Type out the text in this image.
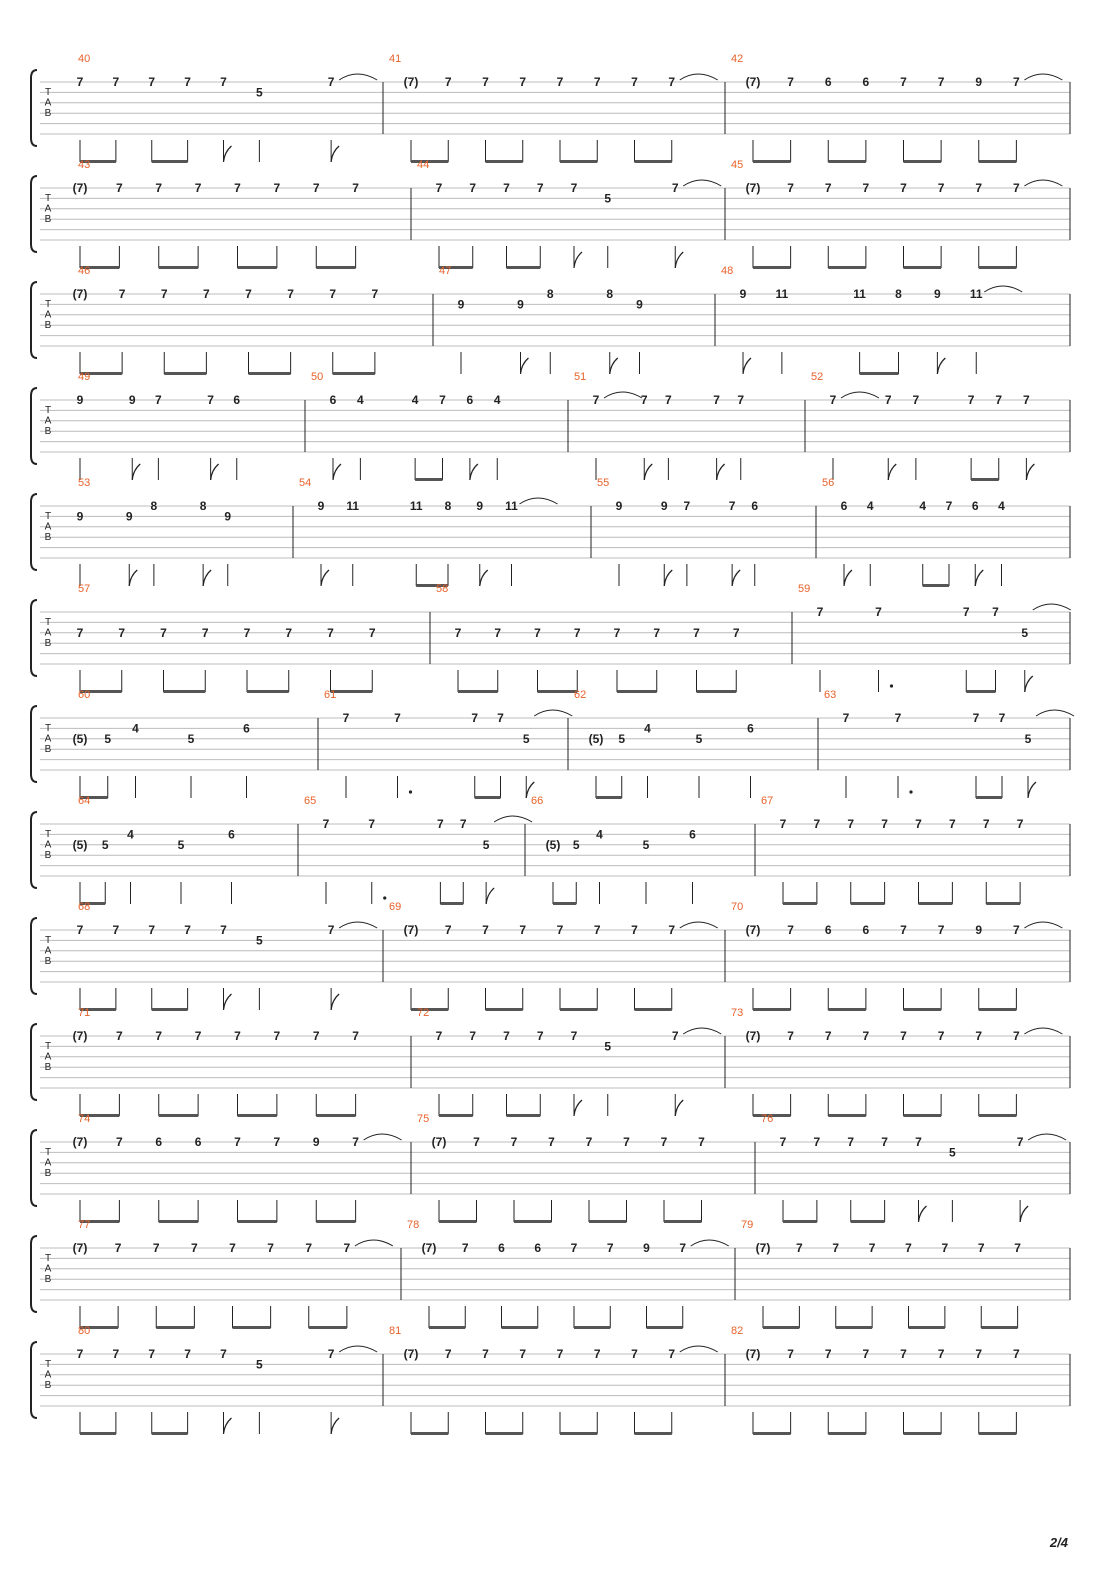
T
A
B
40
7 7 7 7 7
5
7
41
(7) 7	7	7	7	7	7	7
42
(7) 7	6	6	7	7	9	7
T
A
B
43
(7) 7	7	7	7	7	7	7
44
7 7 7 7 7
5
7
45
(7) 7	7	7	7	7	7	7
T
A
B
46
(7)	7	7	7	7	7	7	7
47
9	9
8	8
9
48
9 11	11 8	9 11
T
A
B
49
9	9 7	7 6
50
6 4	4 7 6 4
51
7	7 7	7 7
52
7	7 7	7 7 7
T
A
B
53
9	9
8	8
9
54
9 11	11 8 9 11
55
9	9 7	7 6
56
6 4	4 7 6 4
T
A
B
57
7	7	7	7	7	7	7	7
58
7	7	7	7	7	7	7	7
59
7	7	7 7
5
T
A
B
60
(5) 5
4
5
6
61
7	7	7 7
5
62
(5) 5
4
5
6
63
7	7	7 7
5
T
A
B
64
(5) 5
4
5
6
65
7	7	7 7
5
66
(5) 5
4
5
6
67
7 7 7 7 7 7 7 7
T
A
B
68
7 7 7 7 7
5
7
69
(7) 7	7	7	7	7	7	7
70
(7) 7	6	6	7	7	9	7
T
A
B
71
(7) 7	7	7	7	7	7	7
72
7 7 7 7 7
5
7
73
(7) 7	7	7	7	7	7	7
T
A
B
74
(7) 7	6	6	7	7	9	7
75
(7) 7	7	7	7	7	7	7
76
7 7 7 7 7
5
7
T
A
B
77
(7) 7	7	7	7	7	7	7
78
(7) 7 6 6 7 7 9 7
79
(7) 7 7 7 7 7 7 7
T
A
B
80
7 7 7 7 7
5
7
81
(7) 7	7	7	7	7	7	7
82
(7) 7	7	7	7	7	7	7
2/4
